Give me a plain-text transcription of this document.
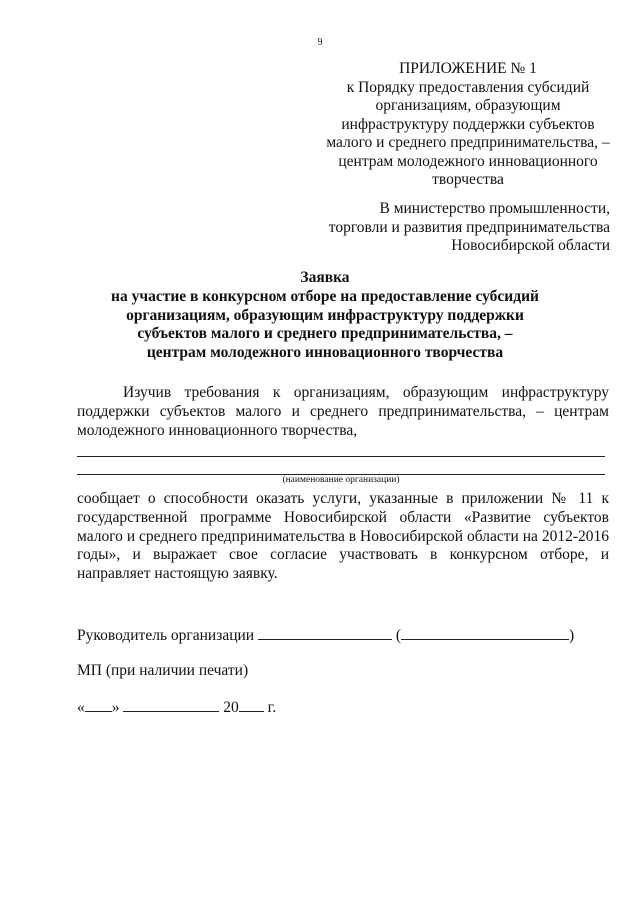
9
ПРИЛОЖЕНИЕ № 1
к Порядку предоставления субсидий
организациям, образующим
инфраструктуру поддержки субъектов
малого и среднего предпринимательства, –
центрам молодежного инновационного
творчества
В министерство промышленности,
торговли и развития предпринимательства
Новосибирской области
Заявка
на участие в конкурсном отборе на предоставление субсидий
организациям, образующим инфраструктуру поддержки
субъектов малого и среднего предпринимательства, –
центрам молодежного инновационного творчества
Изучив требования к организациям, образующим инфраструктуру поддержки субъектов малого и среднего предпринимательства, – центрам молодежного инновационного творчества,
(наименование организации)
сообщает о способности оказать услуги, указанные в приложении № 11 к государственной программе Новосибирской области «Развитие субъектов малого и среднего предпринимательства в Новосибирской области на 2012-2016 годы», и выражает свое согласие участвовать в конкурсном отборе, и направляет настоящую заявку.
Руководитель организации	(	)
МП (при наличии печати)
« »	20 г.
